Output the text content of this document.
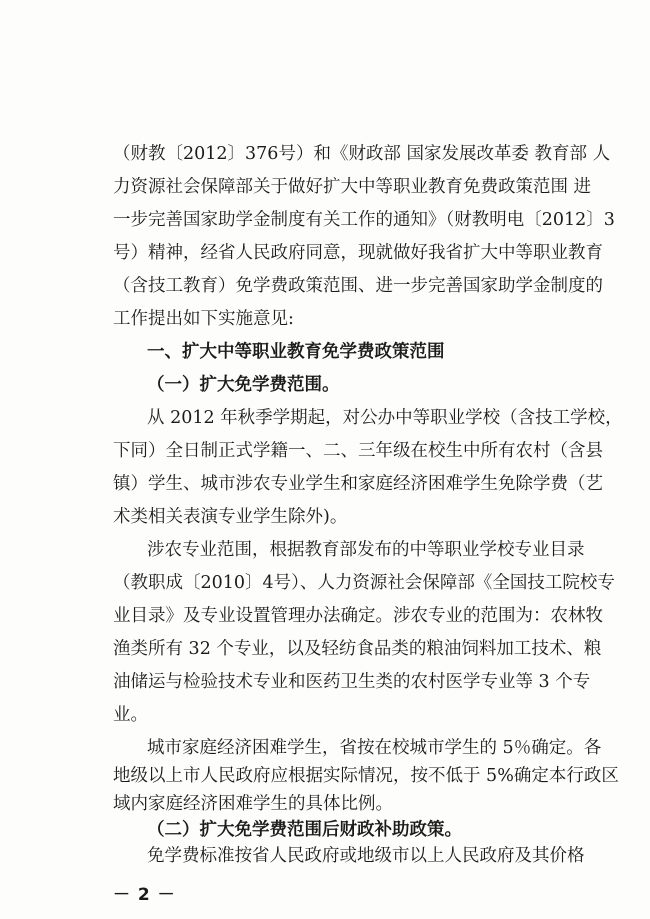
（财教〔2012〕376号）和《财政部 国家发展改革委 教育部 人
力资源社会保障部关于做好扩大中等职业教育免费政策范围 进
一步完善国家助学金制度有关工作的通知》（财教明电〔2012〕3
号）精神，经省人民政府同意，现就做好我省扩大中等职业教育
（含技工教育）免学费政策范围、进一步完善国家助学金制度的
工作提出如下实施意见:
一、扩大中等职业教育免学费政策范围
（一）扩大免学费范围。
从 2012 年秋季学期起，对公办中等职业学校（含技工学校，
下同）全日制正式学籍一、二、三年级在校生中所有农村（含县
镇）学生、城市涉农专业学生和家庭经济困难学生免除学费（艺
术类相关表演专业学生除外)。
涉农专业范围，根据教育部发布的中等职业学校专业目录
（教职成〔2010〕4号）、人力资源社会保障部《全国技工院校专
业目录》及专业设置管理办法确定。涉农专业的范围为：农林牧
渔类所有 32 个专业，以及轻纺食品类的粮油饲料加工技术、粮
油储运与检验技术专业和医药卫生类的农村医学专业等 3 个专
业。
城市家庭经济困难学生，省按在校城市学生的 5％确定。各
地级以上市人民政府应根据实际情况，按不低于 5%确定本行政区
域内家庭经济困难学生的具体比例。
（二）扩大免学费范围后财政补助政策。
免学费标准按省人民政府或地级市以上人民政府及其价格
－ 2 －
